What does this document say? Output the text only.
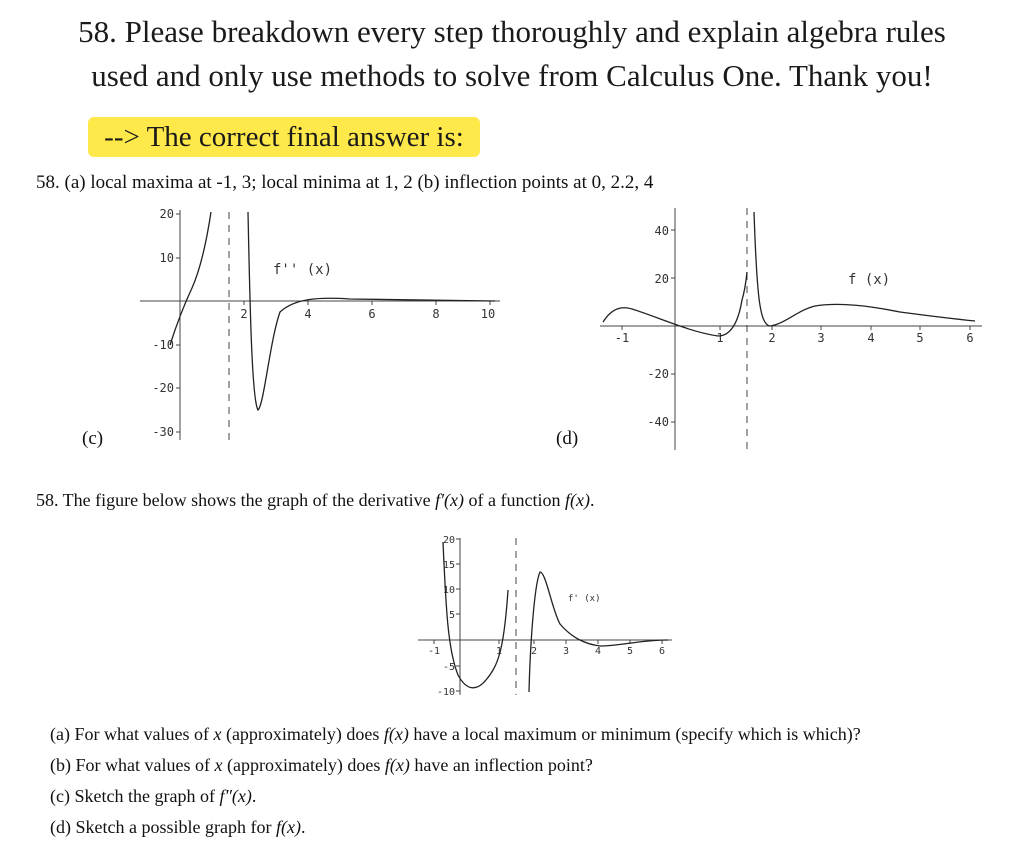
58. Please breakdown every step thoroughly and explain algebra rules
used and only use methods to solve from Calculus One. Thank you!
--> The correct final answer is:
58. (a) local maxima at -1, 3; local minima at 1, 2 (b) inflection points at 0, 2.2, 4
20
10
-10
-20
-30
2	4	6	8	10
f'' (x)
(c)
40
20
-20
-40
-1	1	2	3	4	5	6
f (x)
(d)
58. The figure below shows the graph of the derivative f′(x) of a function f(x).
20
15
10
5
-5
-10
-1	1	2	3	4	5	6
f' (x)
(a) For what values of x (approximately) does f(x) have a local maximum or minimum (specify which is which)?
(b) For what values of x (approximately) does f(x) have an inflection point?
(c) Sketch the graph of f″(x).
(d) Sketch a possible graph for f(x).
